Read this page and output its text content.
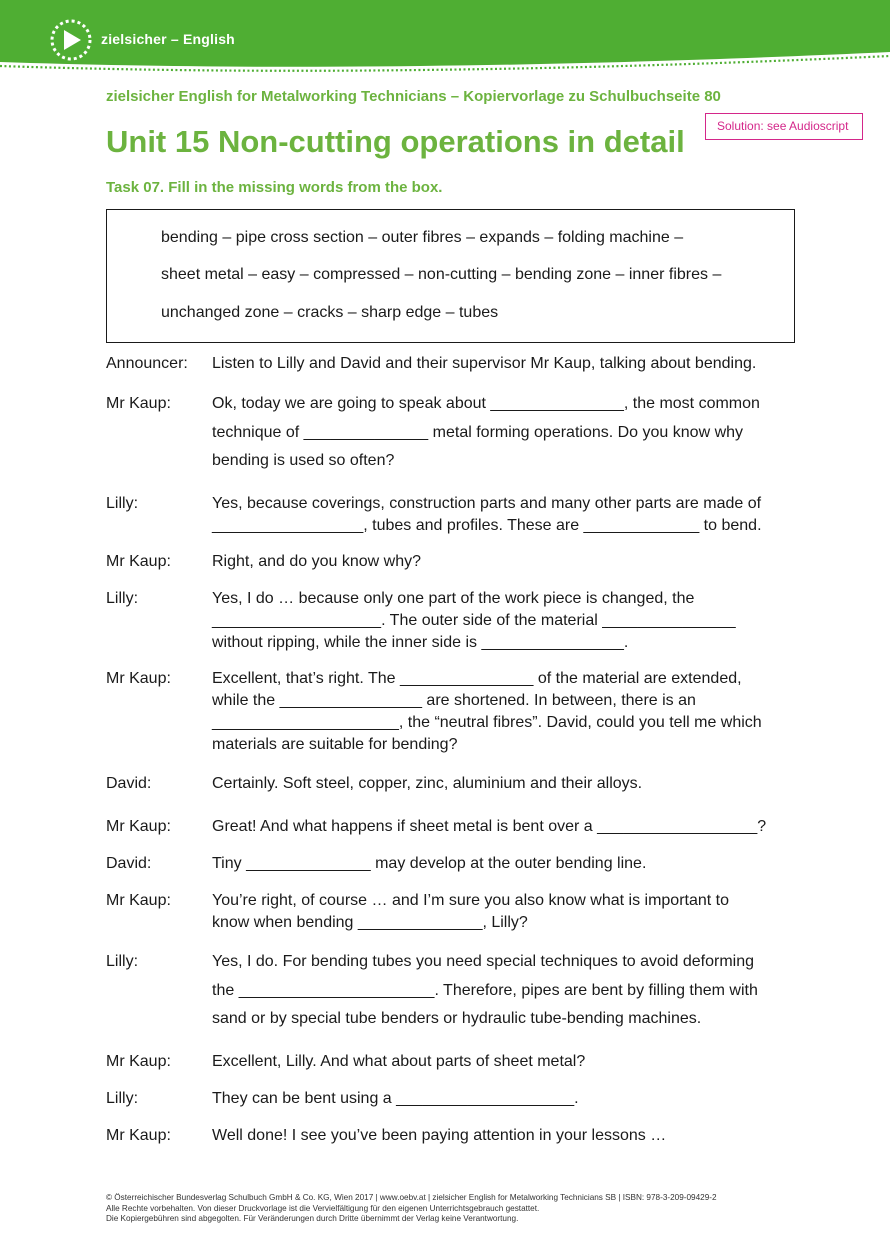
zielsicher – English
zielsicher English for Metalworking Technicians – Kopiervorlage zu Schulbuchseite 80
Solution: see Audioscript
Unit 15 Non-cutting operations in detail
Task 07. Fill in the missing words from the box.
bending – pipe cross section – outer fibres – expands – folding machine –
sheet metal – easy – compressed – non-cutting – bending zone – inner fibres –
unchanged zone – cracks – sharp edge – tubes
Announcer: Listen to Lilly and David and their supervisor Mr Kaup, talking about bending.
Mr Kaup:	Ok, today we are going to speak about _______________, the most common
technique of ______________ metal forming operations. Do you know why
bending is used so often?
Lilly:	Yes, because coverings, construction parts and many other parts are made of
_________________, tubes and profiles. These are _____________ to bend.
Mr Kaup:	Right, and do you know why?
Lilly:	Yes, I do … because only one part of the work piece is changed, the
___________________. The outer side of the material _______________
without ripping, while the inner side is ________________.
Mr Kaup:	Excellent, that’s right. The _______________ of the material are extended,
while the ________________ are shortened. In between, there is an
_____________________, the “neutral fibres”. David, could you tell me which
materials are suitable for bending?
David:	Certainly. Soft steel, copper, zinc, aluminium and their alloys.
Mr Kaup:	Great! And what happens if sheet metal is bent over a __________________?
David:	Tiny ______________ may develop at the outer bending line.
Mr Kaup:	You’re right, of course … and I’m sure you also know what is important to
know when bending ______________, Lilly?
Lilly:	Yes, I do. For bending tubes you need special techniques to avoid deforming
the ______________________. Therefore, pipes are bent by filling them with
sand or by special tube benders or hydraulic tube-bending machines.
Mr Kaup:	Excellent, Lilly. And what about parts of sheet metal?
Lilly:	They can be bent using a ____________________.
Mr Kaup:	Well done! I see you’ve been paying attention in your lessons …
© Österreichischer Bundesverlag Schulbuch GmbH & Co. KG, Wien 2017 | www.oebv.at | zielsicher English for Metalworking Technicians SB | ISBN: 978-3-209-09429-2
Alle Rechte vorbehalten. Von dieser Druckvorlage ist die Vervielfältigung für den eigenen Unterrichtsgebrauch gestattet.
Die Kopiergebühren sind abgegolten. Für Veränderungen durch Dritte übernimmt der Verlag keine Verantwortung.
